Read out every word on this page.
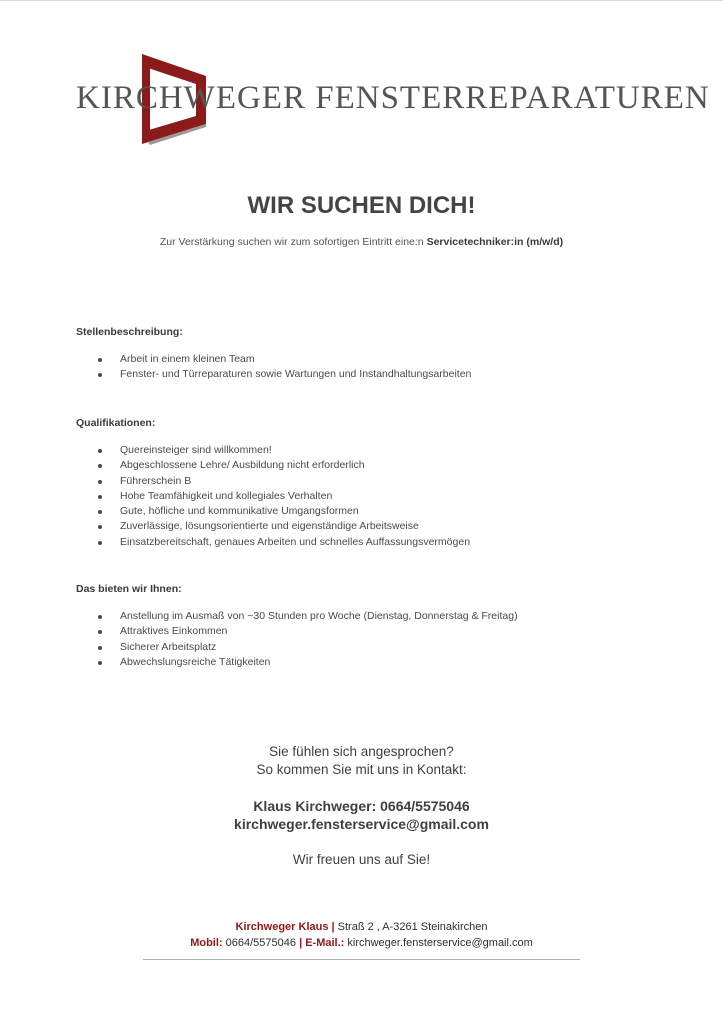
KIRCHWEGER FENSTERREPARATUREN
WIR SUCHEN DICH!
Zur Verstärkung suchen wir zum sofortigen Eintritt eine:n Servicetechniker:in (m/w/d)
Stellenbeschreibung:
Arbeit in einem kleinen Team
Fenster- und Türreparaturen sowie Wartungen und Instandhaltungsarbeiten
Qualifikationen:
Quereinsteiger sind willkommen!
Abgeschlossene Lehre/ Ausbildung nicht erforderlich
Führerschein B
Hohe Teamfähigkeit und kollegiales Verhalten
Gute, höfliche und kommunikative Umgangsformen
Zuverlässige, lösungsorientierte und eigenständige Arbeitsweise
Einsatzbereitschaft, genaues Arbeiten und schnelles Auffassungsvermögen
Das bieten wir Ihnen:
Anstellung im Ausmaß von ~30 Stunden pro Woche (Dienstag, Donnerstag & Freitag)
Attraktives Einkommen
Sicherer Arbeitsplatz
Abwechslungsreiche Tätigkeiten
Sie fühlen sich angesprochen?
So kommen Sie mit uns in Kontakt:
Klaus Kirchweger: 0664/5575046
kirchweger.fensterservice@gmail.com
Wir freuen uns auf Sie!
Kirchweger Klaus | Straß 2 , A-3261 Steinakirchen
Mobil: 0664/5575046 | E-Mail.: kirchweger.fensterservice@gmail.com
